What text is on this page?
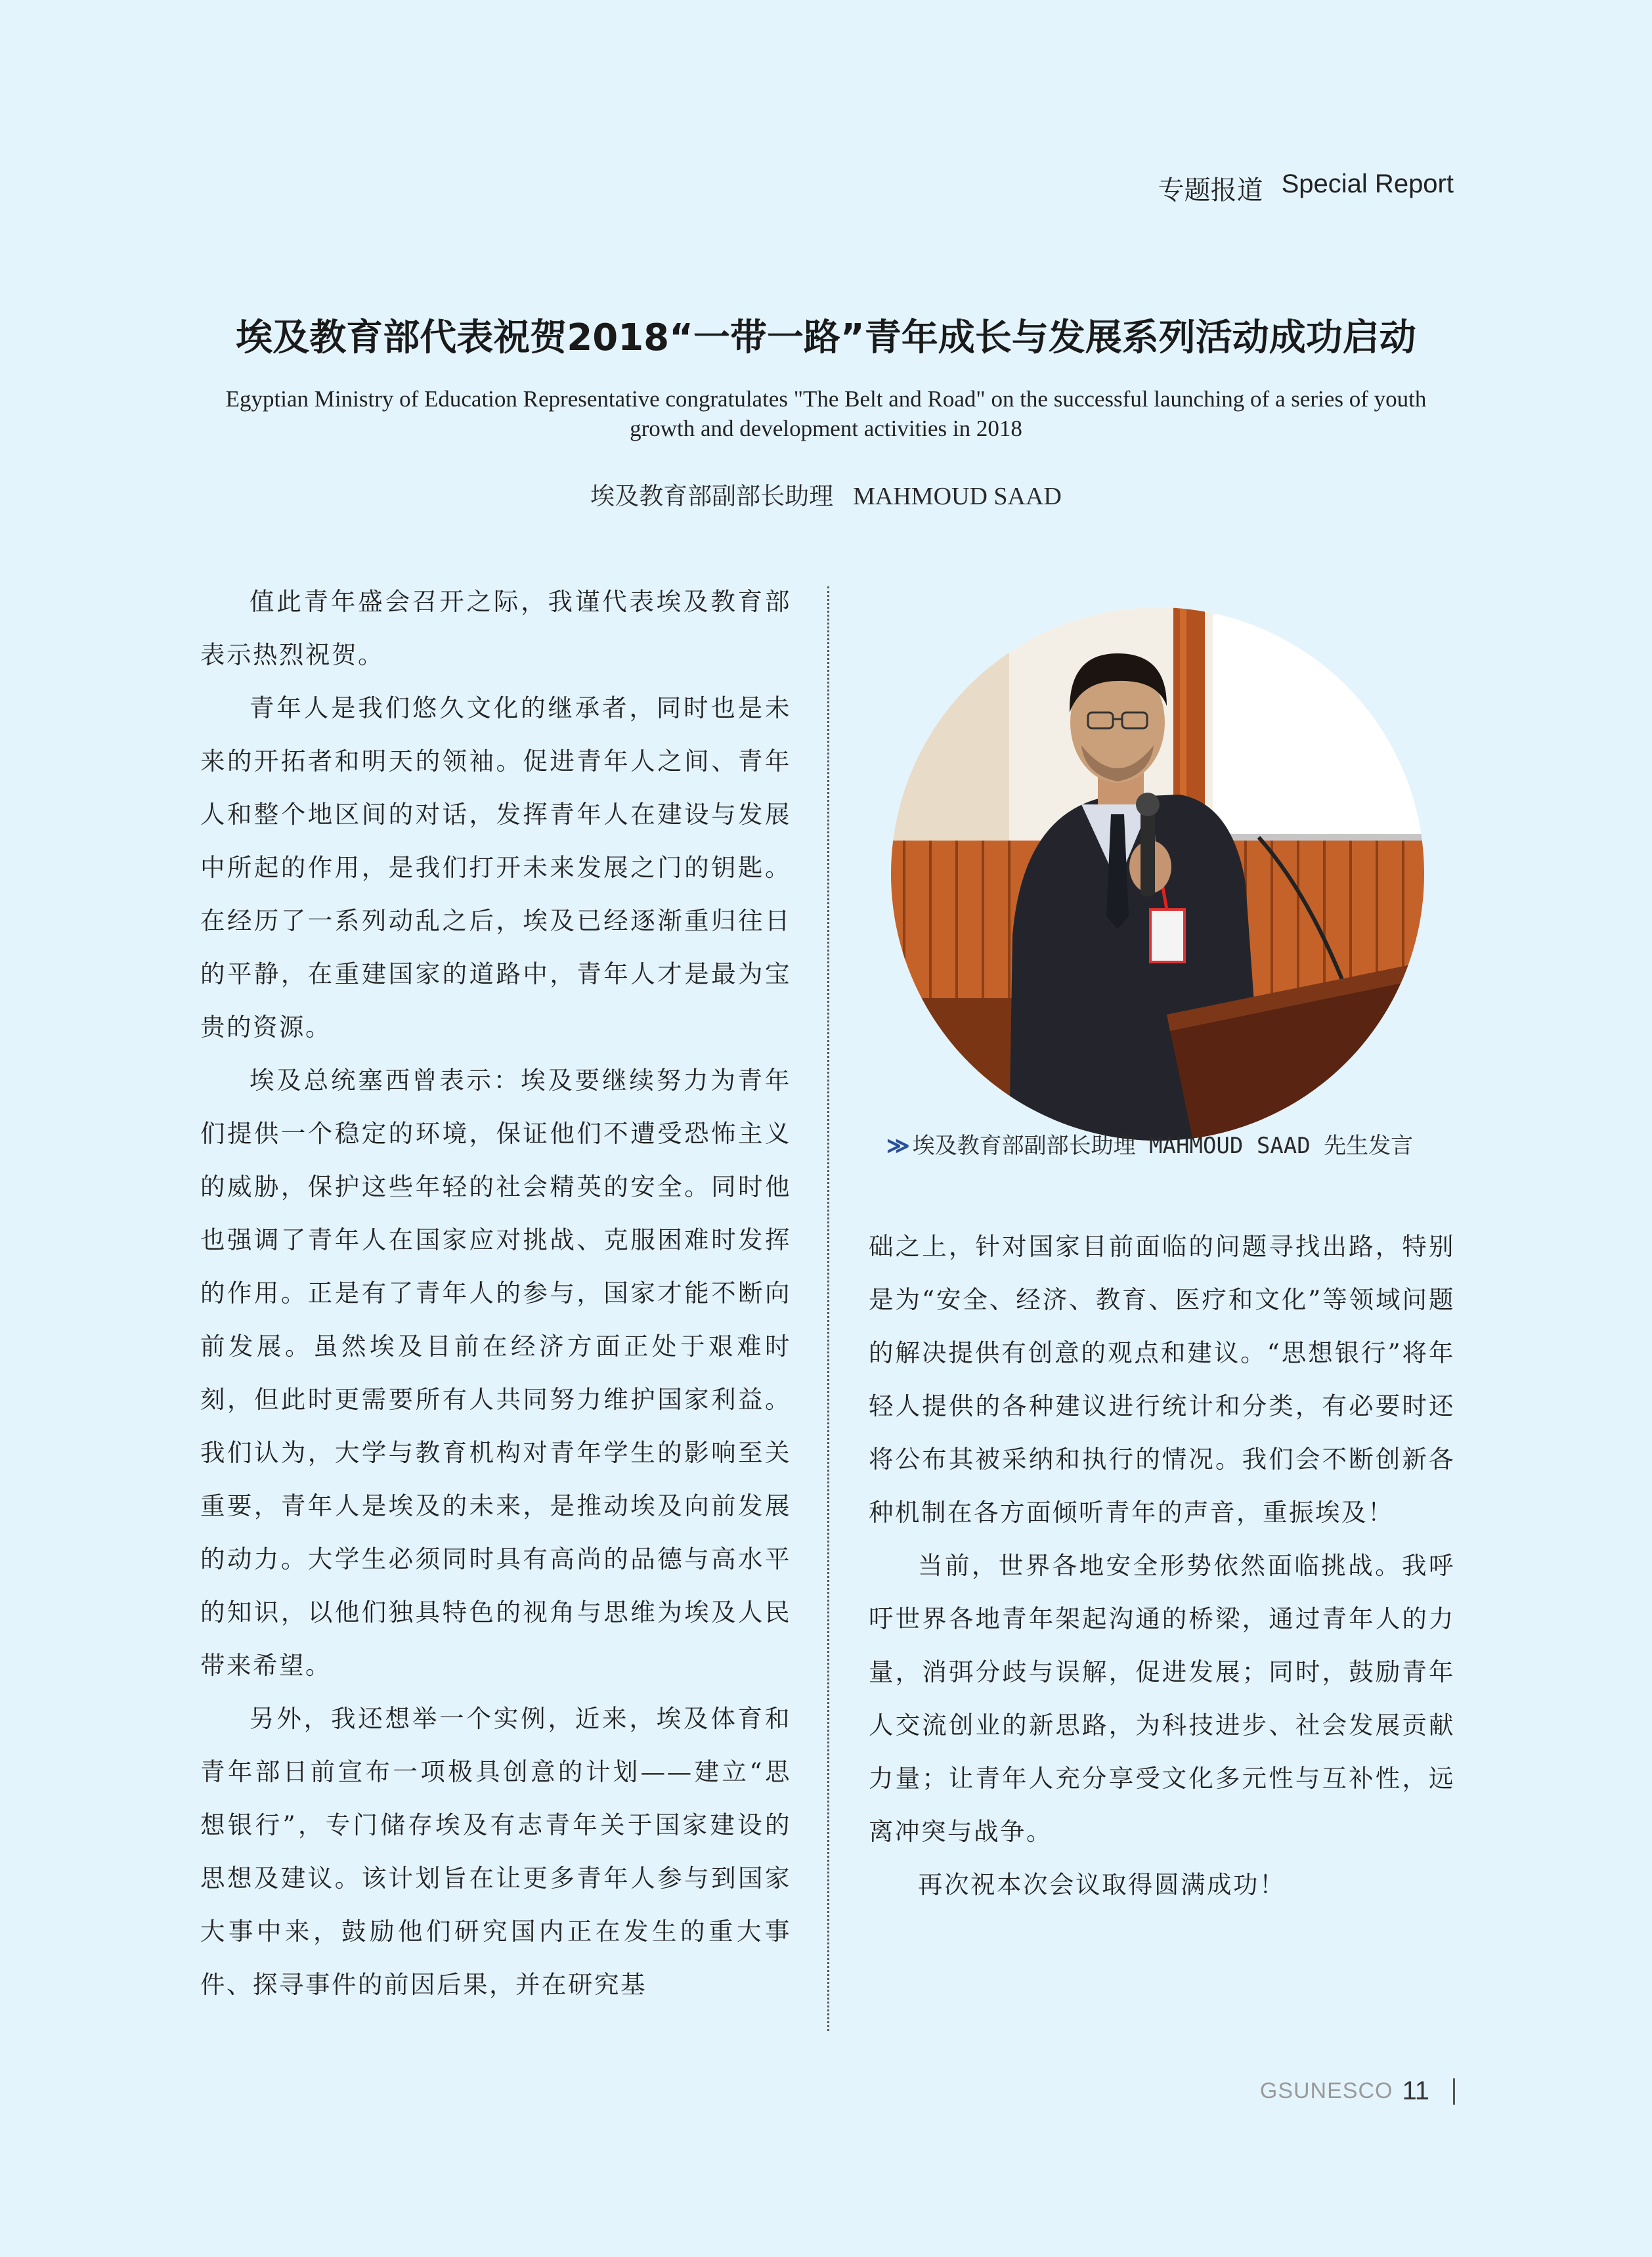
专题报道 Special Report
埃及教育部代表祝贺2018“一带一路”青年成长与发展系列活动成功启动
Egyptian Ministry of Education Representative congratulates "The Belt and Road" on the successful launching of a series of youth growth and development activities in 2018
埃及教育部副部长助理 MAHMOUD SAAD

值此青年盛会召开之际，我谨代表埃及教育部表示热烈祝贺。

青年人是我们悠久文化的继承者，同时也是未来的开拓者和明天的领袖。促进青年人之间、青年人和整个地区间的对话，发挥青年人在建设与发展中所起的作用，是我们打开未来发展之门的钥匙。在经历了一系列动乱之后，埃及已经逐渐重归往日的平静，在重建国家的道路中，青年人才是最为宝贵的资源。

埃及总统塞西曾表示：埃及要继续努力为青年们提供一个稳定的环境，保证他们不遭受恐怖主义的威胁，保护这些年轻的社会精英的安全。同时他也强调了青年人在国家应对挑战、克服困难时发挥的作用。正是有了青年人的参与，国家才能不断向前发展。虽然埃及目前在经济方面正处于艰难时刻，但此时更需要所有人共同努力维护国家利益。我们认为，大学与教育机构对青年学生的影响至关重要，青年人是埃及的未来，是推动埃及向前发展的动力。大学生必须同时具有高尚的品德与高水平的知识，以他们独具特色的视角与思维为埃及人民带来希望。

另外，我还想举一个实例，近来，埃及体育和青年部日前宣布一项极具创意的计划——建立“思想银行”，专门储存埃及有志青年关于国家建设的思想及建议。该计划旨在让更多青年人参与到国家大事中来，鼓励他们研究国内正在发生的重大事件、探寻事件的前因后果，并在研究基

≫ 埃及教育部副部长助理 MAHMOUD SAAD 先生发言

础之上，针对国家目前面临的问题寻找出路，特别是为“安全、经济、教育、医疗和文化”等领域问题的解决提供有创意的观点和建议。“思想银行”将年轻人提供的各种建议进行统计和分类，有必要时还将公布其被采纳和执行的情况。我们会不断创新各种机制在各方面倾听青年的声音，重振埃及！

当前，世界各地安全形势依然面临挑战。我呼吁世界各地青年架起沟通的桥梁，通过青年人的力量，消弭分歧与误解，促进发展；同时，鼓励青年人交流创业的新思路，为科技进步、社会发展贡献力量；让青年人充分享受文化多元性与互补性，远离冲突与战争。

再次祝本次会议取得圆满成功！

GSUNESCO 11
